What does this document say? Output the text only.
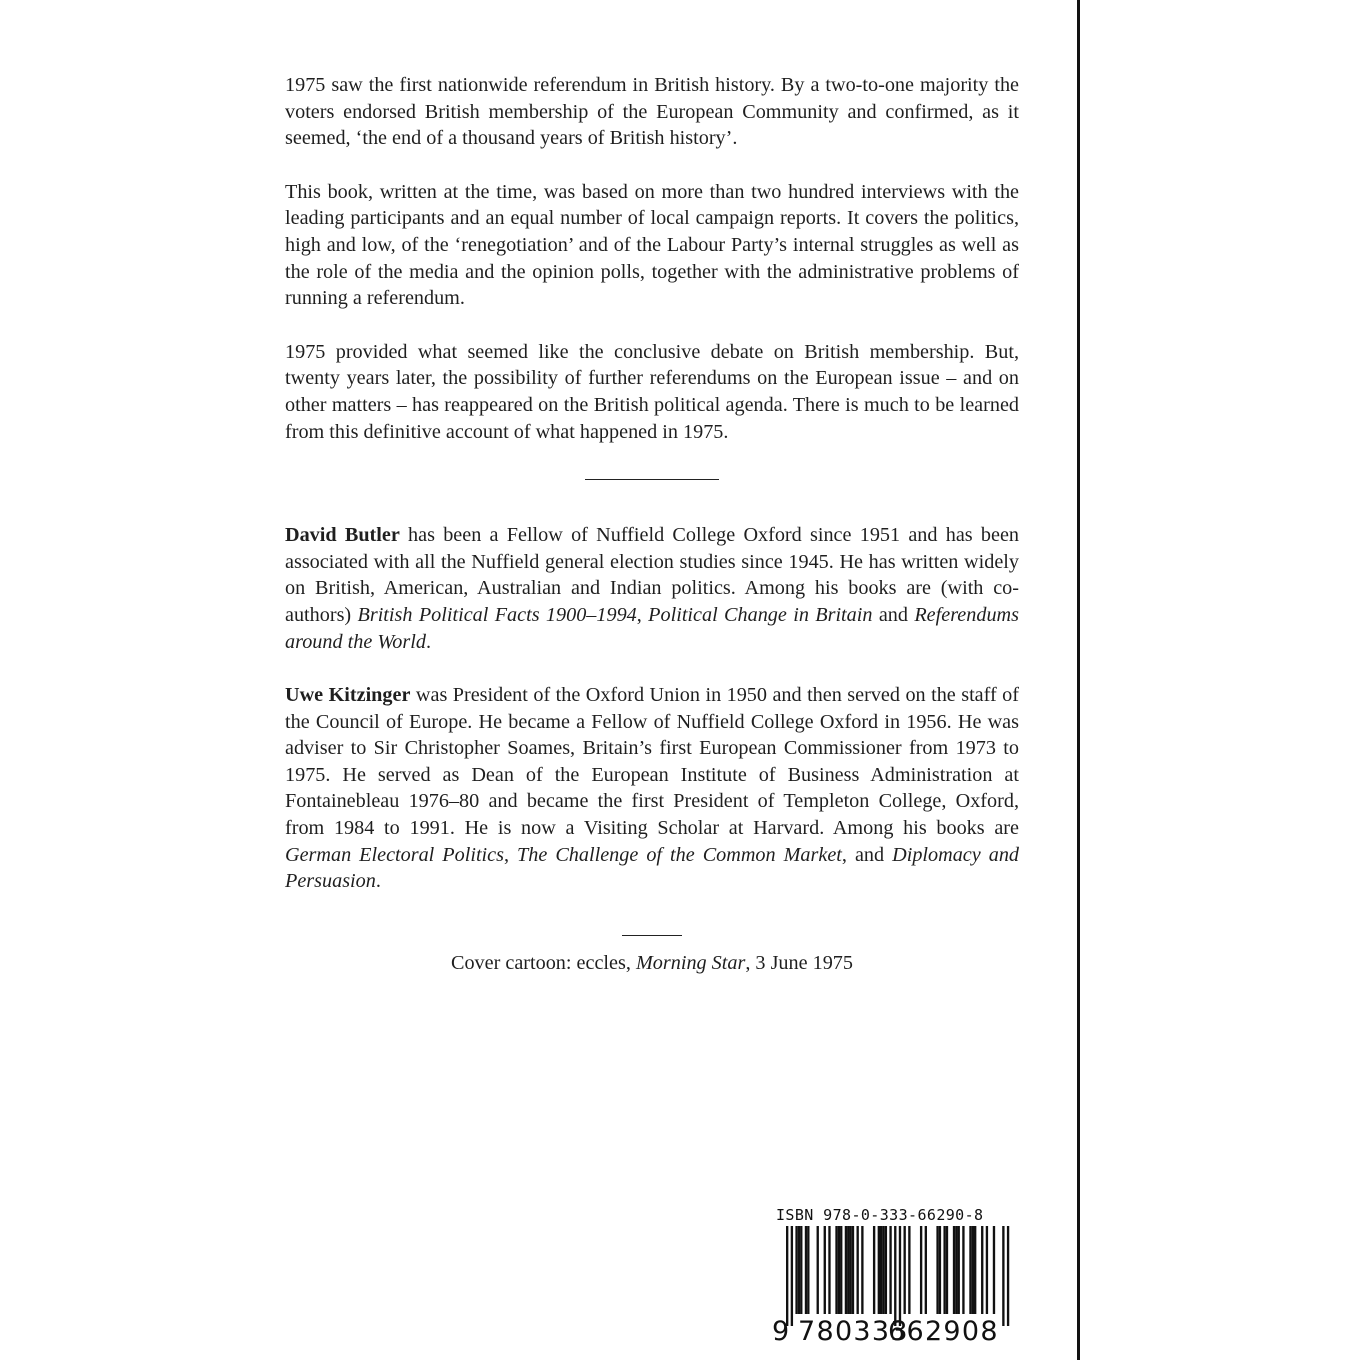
1975 saw the first nationwide referendum in British history. By a two-to-one majority the voters endorsed British membership of the European Community and confirmed, as it seemed, ‘the end of a thousand years of British history’.

This book, written at the time, was based on more than two hundred interviews with the leading participants and an equal number of local campaign reports. It covers the politics, high and low, of the ‘renegotiation’ and of the Labour Party’s internal struggles as well as the role of the media and the opinion polls, together with the administrative problems of running a referendum.

1975 provided what seemed like the conclusive debate on British membership. But, twenty years later, the possibility of further referendums on the European issue – and on other matters – has reappeared on the British political agenda. There is much to be learned from this definitive account of what happened in 1975.

David Butler has been a Fellow of Nuffield College Oxford since 1951 and has been associated with all the Nuffield general election studies since 1945. He has written widely on British, American, Australian and Indian politics. Among his books are (with co-authors) British Political Facts 1900–1994, Political Change in Britain and Referendums around the World.

Uwe Kitzinger was President of the Oxford Union in 1950 and then served on the staff of the Council of Europe. He became a Fellow of Nuffield College Oxford in 1956. He was adviser to Sir Christopher Soames, Britain’s first European Commissioner from 1973 to 1975. He served as Dean of the European Institute of Business Administration at Fontainebleau 1976–80 and became the first President of Templeton College, Oxford, from 1984 to 1991. He is now a Visiting Scholar at Harvard. Among his books are German Electoral Politics, The Challenge of the Common Market, and Diplomacy and Persuasion.

Cover cartoon: eccles, Morning Star, 3 June 1975

ISBN 978-0-333-66290-8
9 780333
662908
